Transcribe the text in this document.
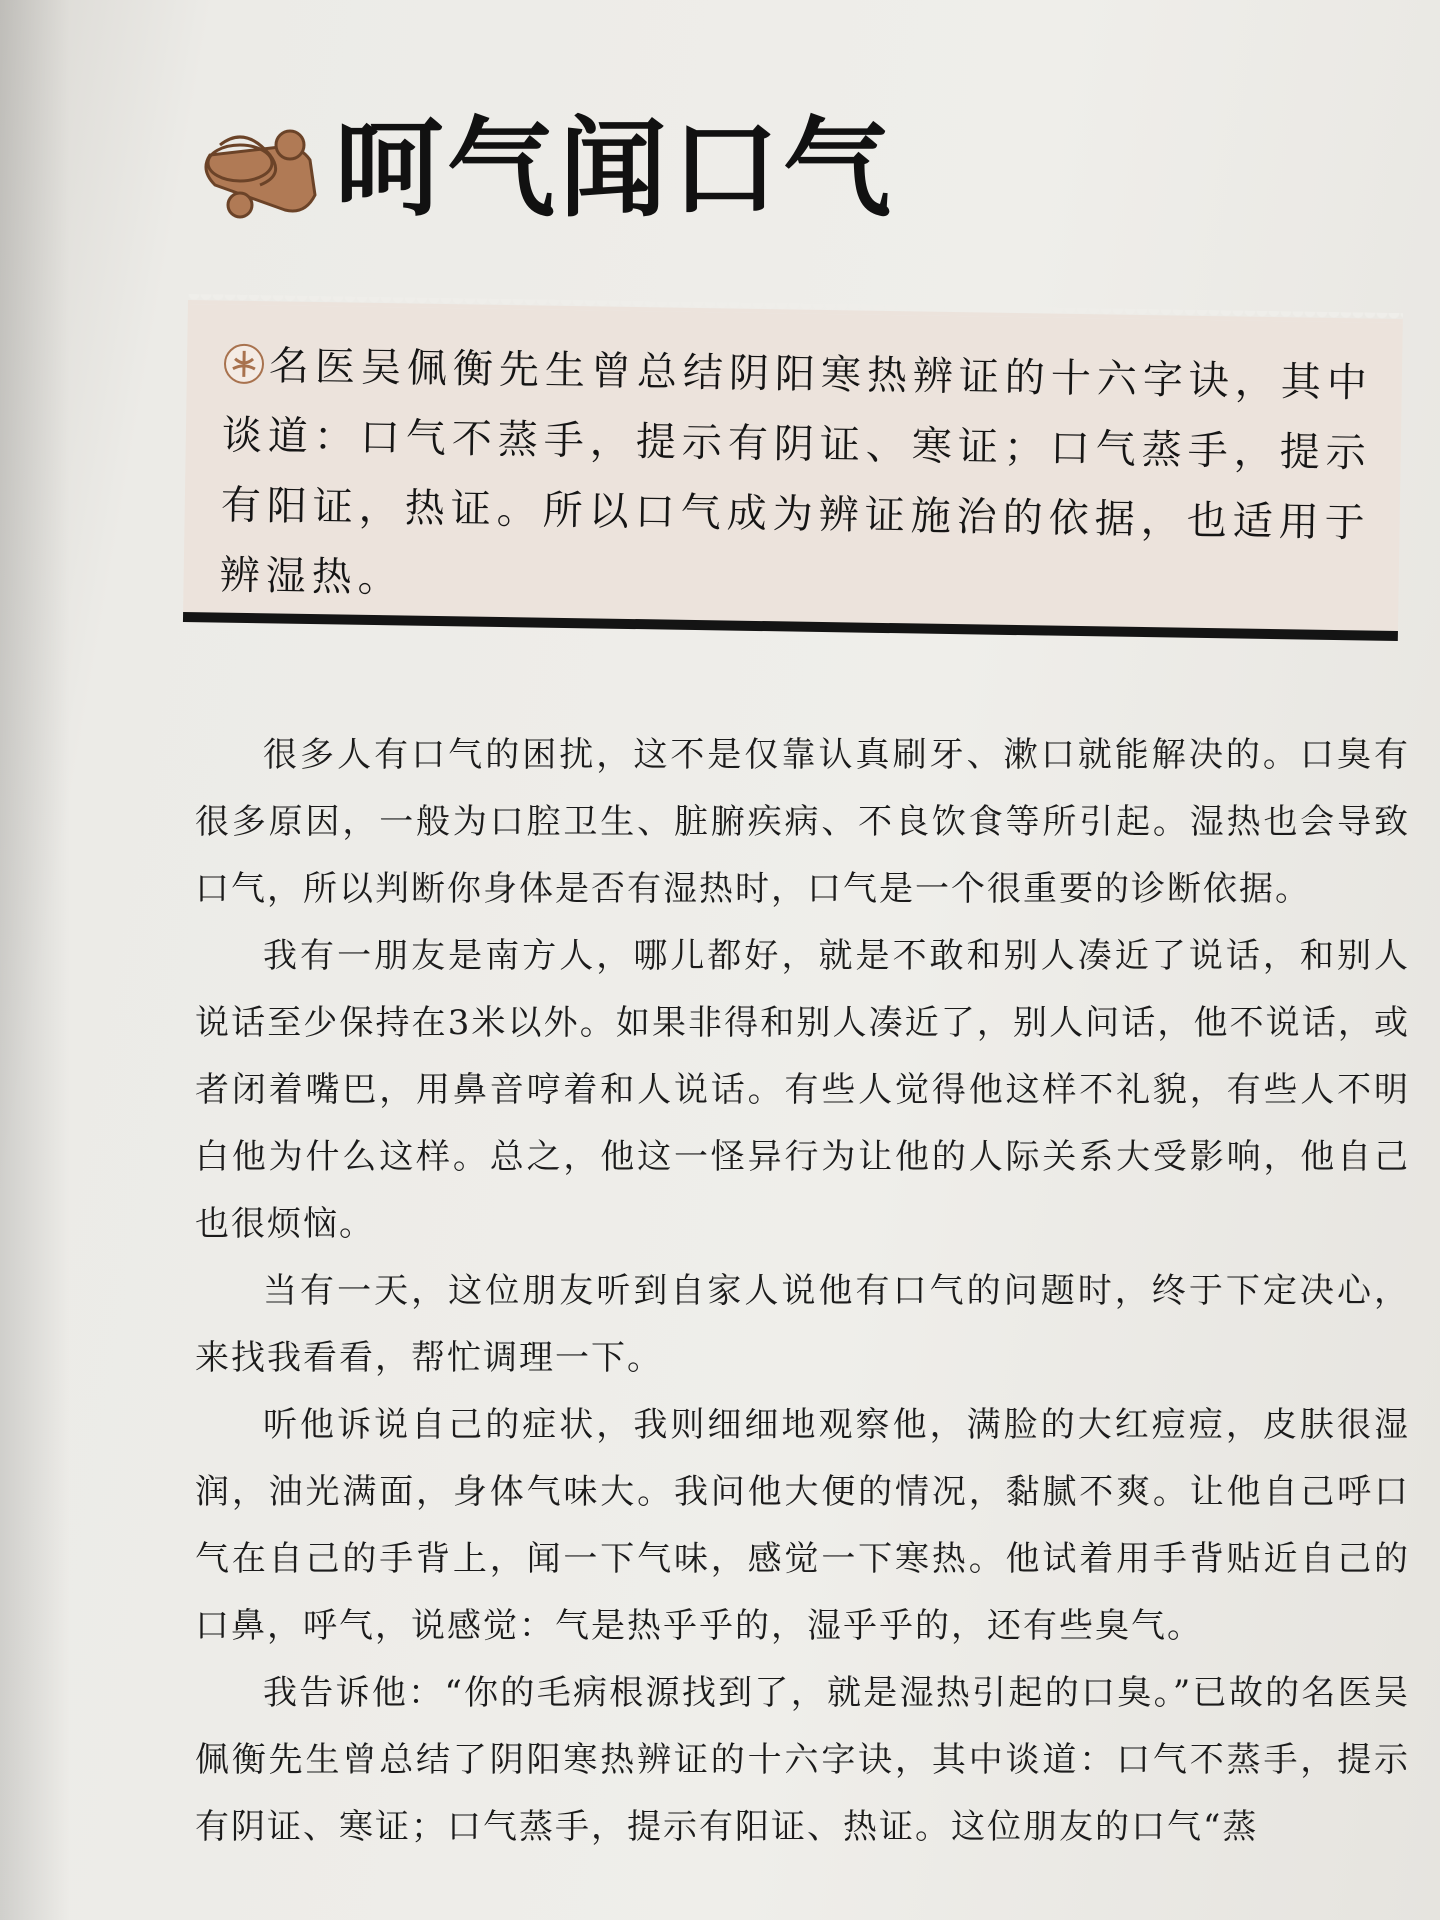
呵气闻口气
名医吴佩衡先生曾总结阴阳寒热辨证的十六字诀，其中谈道：口气不蒸手，提示有阴证、寒证；口气蒸手，提示有阳证，热证。所以口气成为辨证施治的依据，也适用于辨湿热。

很多人有口气的困扰，这不是仅靠认真刷牙、漱口就能解决的。口臭有很多原因，一般为口腔卫生、脏腑疾病、不良饮食等所引起。湿热也会导致口气，所以判断你身体是否有湿热时，口气是一个很重要的诊断依据。

我有一朋友是南方人，哪儿都好，就是不敢和别人凑近了说话，和别人说话至少保持在3米以外。如果非得和别人凑近了，别人问话，他不说话，或者闭着嘴巴，用鼻音哼着和人说话。有些人觉得他这样不礼貌，有些人不明白他为什么这样。总之，他这一怪异行为让他的人际关系大受影响，他自己也很烦恼。

当有一天，这位朋友听到自家人说他有口气的问题时，终于下定决心，来找我看看，帮忙调理一下。

听他诉说自己的症状，我则细细地观察他，满脸的大红痘痘，皮肤很湿润，油光满面，身体气味大。我问他大便的情况，黏腻不爽。让他自己呼口气在自己的手背上，闻一下气味，感觉一下寒热。他试着用手背贴近自己的口鼻，呼气，说感觉：气是热乎乎的，湿乎乎的，还有些臭气。

我告诉他：“你的毛病根源找到了，就是湿热引起的口臭。”已故的名医吴佩衡先生曾总结了阴阳寒热辨证的十六字诀，其中谈道：口气不蒸手，提示有阴证、寒证；口气蒸手，提示有阳证、热证。这位朋友的口气“蒸
